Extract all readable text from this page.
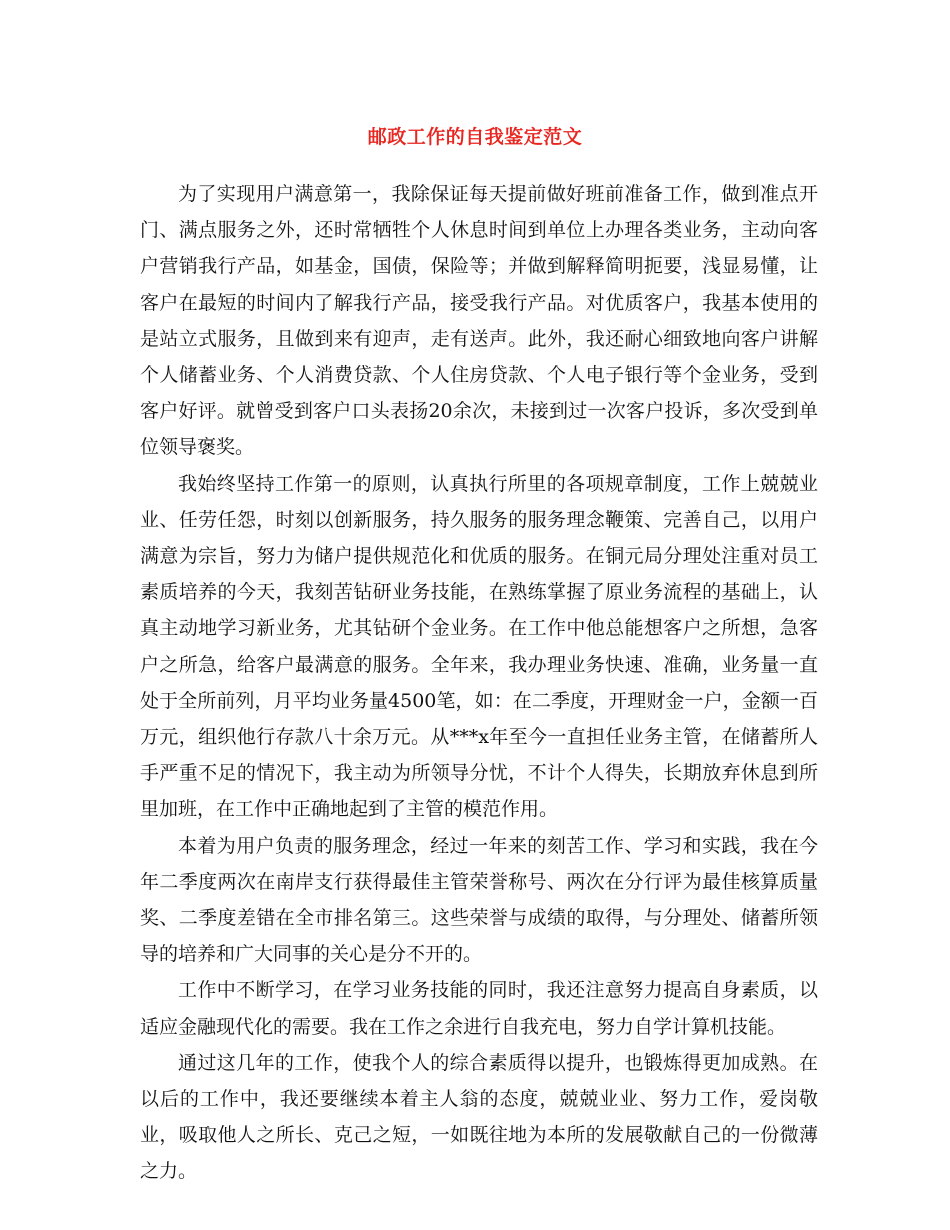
邮政工作的自我鉴定范文

为了实现用户满意第一，我除保证每天提前做好班前准备工作，做到准点开门、满点服务之外，还时常牺牲个人休息时间到单位上办理各类业务，主动向客户营销我行产品，如基金，国债，保险等；并做到解释简明扼要，浅显易懂，让客户在最短的时间内了解我行产品，接受我行产品。对优质客户，我基本使用的是站立式服务，且做到来有迎声，走有送声。此外，我还耐心细致地向客户讲解个人储蓄业务、个人消费贷款、个人住房贷款、个人电子银行等个金业务，受到客户好评。就曾受到客户口头表扬20余次，未接到过一次客户投诉，多次受到单位领导褒奖。

我始终坚持工作第一的原则，认真执行所里的各项规章制度，工作上兢兢业业、任劳任怨，时刻以创新服务，持久服务的服务理念鞭策、完善自己，以用户满意为宗旨，努力为储户提供规范化和优质的服务。在铜元局分理处注重对员工素质培养的今天，我刻苦钻研业务技能，在熟练掌握了原业务流程的基础上，认真主动地学习新业务，尤其钻研个金业务。在工作中他总能想客户之所想，急客户之所急，给客户最满意的服务。全年来，我办理业务快速、准确，业务量一直处于全所前列，月平均业务量4500笔，如：在二季度，开理财金一户，金额一百万元，组织他行存款八十余万元。从***x年至今一直担任业务主管，在储蓄所人手严重不足的情况下，我主动为所领导分忧，不计个人得失，长期放弃休息到所里加班，在工作中正确地起到了主管的模范作用。

本着为用户负责的服务理念，经过一年来的刻苦工作、学习和实践，我在今年二季度两次在南岸支行获得最佳主管荣誉称号、两次在分行评为最佳核算质量奖、二季度差错在全市排名第三。这些荣誉与成绩的取得，与分理处、储蓄所领导的培养和广大同事的关心是分不开的。

工作中不断学习，在学习业务技能的同时，我还注意努力提高自身素质，以适应金融现代化的需要。我在工作之余进行自我充电，努力自学计算机技能。

通过这几年的工作，使我个人的综合素质得以提升，也锻炼得更加成熟。在以后的工作中，我还要继续本着主人翁的态度，兢兢业业、努力工作，爱岗敬业，吸取他人之所长、克己之短，一如既往地为本所的发展敬献自己的一份微薄之力。
